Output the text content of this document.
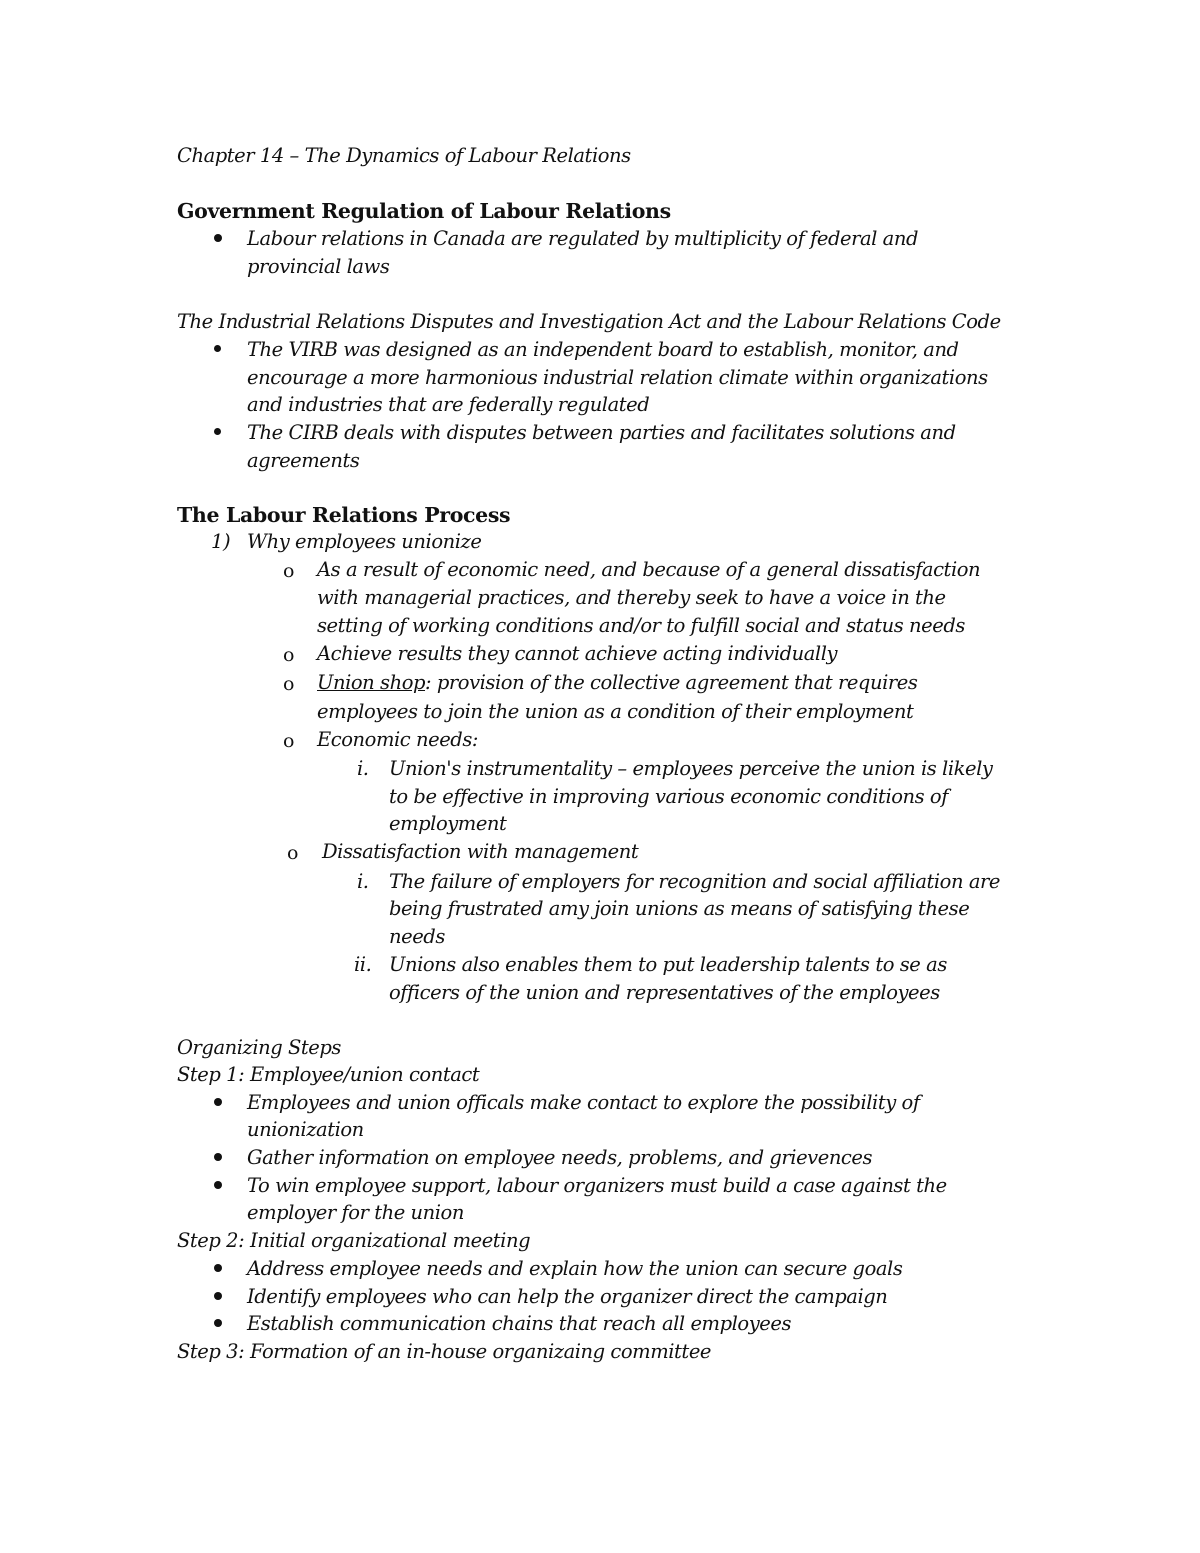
Chapter 14 – The Dynamics of Labour Relations
Government Regulation of Labour Relations
Labour relations in Canada are regulated by multiplicity of federal and
provincial laws
The Industrial Relations Disputes and Investigation Act and the Labour Relations Code
The VIRB was designed as an independent board to establish, monitor, and
encourage a more harmonious industrial relation climate within organizations
and industries that are federally regulated
The CIRB deals with disputes between parties and facilitates solutions and
agreements
The Labour Relations Process
1) Why employees unionize
o As a result of economic need, and because of a general dissatisfaction
with managerial practices, and thereby seek to have a voice in the
setting of working conditions and/or to fulfill social and status needs
o Achieve results they cannot achieve acting individually
o Union shop: provision of the collective agreement that requires
employees to join the union as a condition of their employment
o Economic needs:
i. Union's instrumentality – employees perceive the union is likely
to be effective in improving various economic conditions of
employment
o Dissatisfaction with management
i. The failure of employers for recognition and social affiliation are
being frustrated amy join unions as means of satisfying these
needs
ii. Unions also enables them to put leadership talents to se as
officers of the union and representatives of the employees
Organizing Steps
Step 1: Employee/union contact
Employees and union officals make contact to explore the possibility of
unionization
Gather information on employee needs, problems, and grievences
To win employee support, labour organizers must build a case against the
employer for the union
Step 2: Initial organizational meeting
Address employee needs and explain how the union can secure goals
Identify employees who can help the organizer direct the campaign
Establish communication chains that reach all employees
Step 3: Formation of an in-house organizaing committee
